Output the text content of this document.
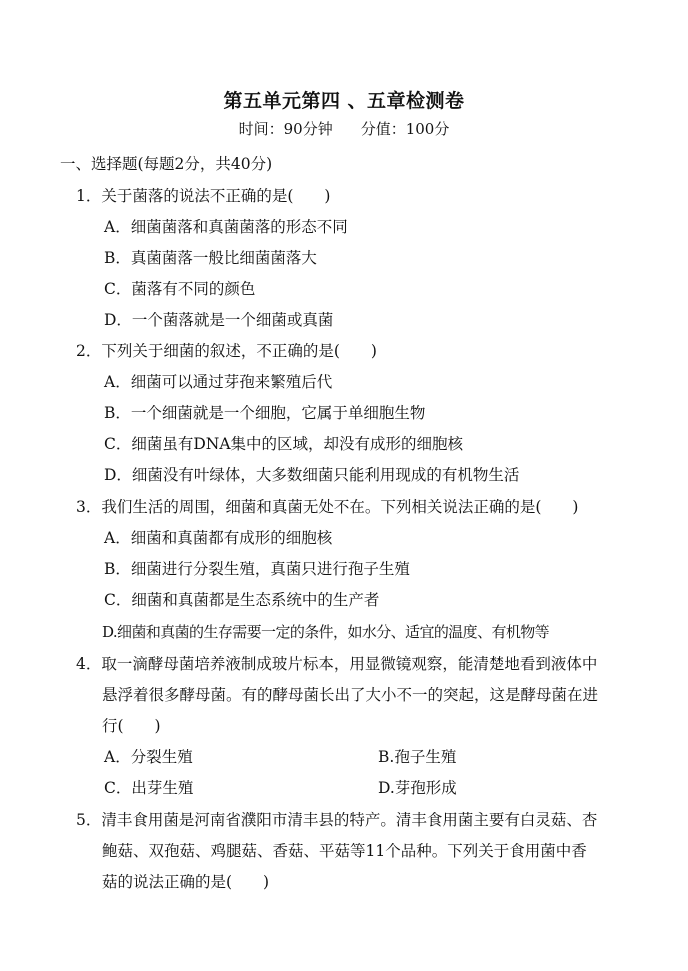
第五单元第四 、五章检测卷
时间：90分钟 分值：100分
一、选择题(每题2分，共40分)
1．关于菌落的说法不正确的是(　　)
A．细菌菌落和真菌菌落的形态不同
B．真菌菌落一般比细菌菌落大
C．菌落有不同的颜色
D．一个菌落就是一个细菌或真菌
2．下列关于细菌的叙述，不正确的是(　　)
A．细菌可以通过芽孢来繁殖后代
B．一个细菌就是一个细胞，它属于单细胞生物
C．细菌虽有DNA集中的区域，却没有成形的细胞核
D．细菌没有叶绿体，大多数细菌只能利用现成的有机物生活
3．我们生活的周围，细菌和真菌无处不在。下列相关说法正确的是(　　)
A．细菌和真菌都有成形的细胞核
B．细菌进行分裂生殖，真菌只进行孢子生殖
C．细菌和真菌都是生态系统中的生产者
D.细菌和真菌的生存需要一定的条件，如水分、适宜的温度、有机物等
4．取一滴酵母菌培养液制成玻片标本，用显微镜观察，能清楚地看到液体中
悬浮着很多酵母菌。有的酵母菌长出了大小不一的突起，这是酵母菌在进
行(　　)
A．分裂生殖	B.孢子生殖
C．出芽生殖	D.芽孢形成
5．清丰食用菌是河南省濮阳市清丰县的特产。清丰食用菌主要有白灵菇、杏
鲍菇、双孢菇、鸡腿菇、香菇、平菇等11个品种。下列关于食用菌中香
菇的说法正确的是(　　)
